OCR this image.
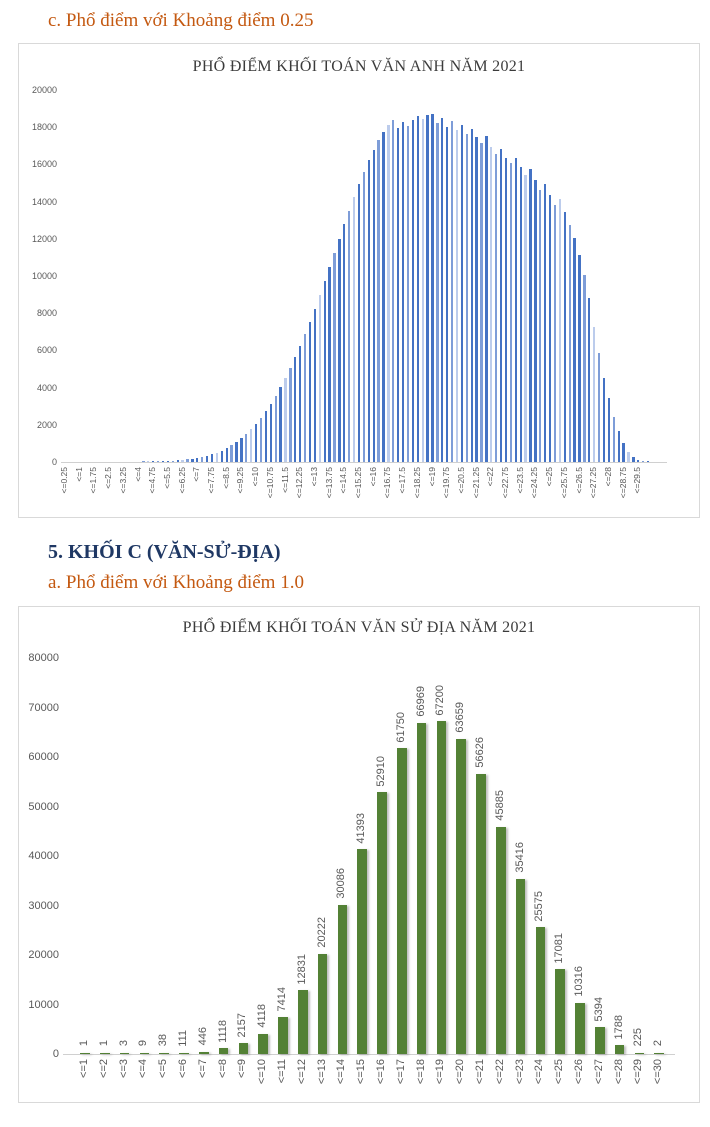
c. Phổ điểm với Khoảng điểm 0.25
PHỔ ĐIỂM KHỐI TOÁN VĂN ANH NĂM 2021
0
2000
4000
6000
8000
10000
12000
14000
16000
18000
20000
<=0.25 <=1 <=1.75 <=2.5 <=3.25 <=4 <=4.75 <=5.5 <=6.25 <=7 <=7.75 <=8.5 <=9.25 <=10 <=10.75 <=11.5 <=12.25 <=13 <=13.75 <=14.5 <=15.25 <=16 <=16.75 <=17.5 <=18.25 <=19 <=19.75 <=20.5 <=21.25 <=22 <=22.75 <=23.5 <=24.25 <=25 <=25.75 <=26.5 <=27.25 <=28 <=28.75 <=29.5
5. KHỐI C (VĂN-SỬ-ĐỊA)
a. Phổ điểm với Khoảng điểm 1.0
PHỔ ĐIỂM KHỐI TOÁN VĂN SỬ ĐỊA NĂM 2021
0
10000
20000
30000
40000
50000
60000
70000
80000
1
<=1
1
<=2
3
<=3
9
<=4
38
<=5
111
<=6
446
<=7
1118
<=8
2157
<=9
4118
<=10
7414
<=11
12831
<=12
20222
<=13
30086
<=14
41393
<=15
52910
<=16
61750
<=17
66969
<=18
67200
<=19
63659
<=20
56626
<=21
45885
<=22
35416
<=23
25575
<=24
17081
<=25
10316
<=26
5394
<=27
1788
<=28
225
<=29
2
<=30
